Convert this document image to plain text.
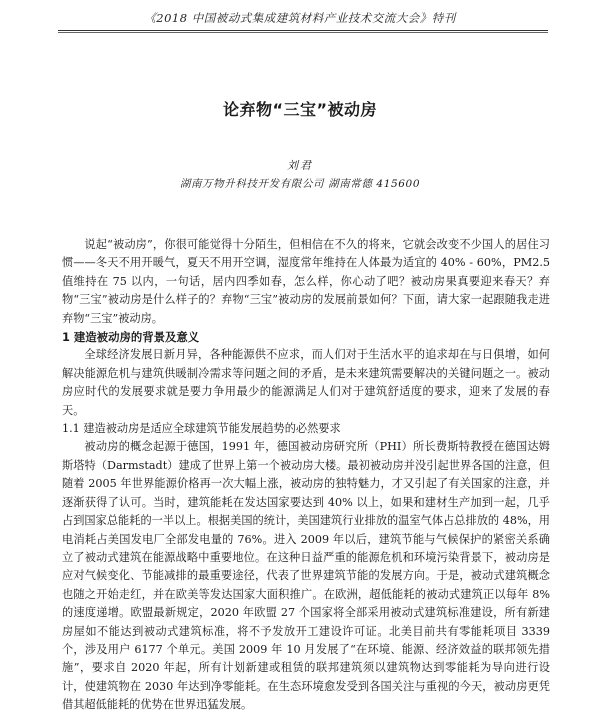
《2018 中国被动式集成建筑材料产业技术交流大会》特刊
论弃物“三宝”被动房
刘君
湖南万物升科技开发有限公司 湖南常德 415600

说起“被动房”，你很可能觉得十分陌生，但相信在不久的将来，它就会改变不少国人的居住习惯——冬天不用开暖气，夏天不用开空调，湿度常年维持在人体最为适宜的 40% - 60%，PM2.5 值维持在 75 以内，一句话，居内四季如春，怎么样，你心动了吧？被动房果真要迎来春天？弃物“三宝”被动房是什么样子的？弃物“三宝”被动房的发展前景如何？下面，请大家一起跟随我走进弃物“三宝”被动房。

1 建造被动房的背景及意义

全球经济发展日新月异，各种能源供不应求，而人们对于生活水平的追求却在与日俱增，如何解决能源危机与建筑供暖制冷需求等问题之间的矛盾，是未来建筑需要解决的关键问题之一。被动房应时代的发展要求就是要力争用最少的能源满足人们对于建筑舒适度的要求，迎来了发展的春天。

1.1 建造被动房是适应全球建筑节能发展趋势的必然要求

被动房的概念起源于德国，1991 年，德国被动房研究所（PHI）所长费斯特教授在德国达姆斯塔特（Darmstadt）建成了世界上第一个被动房大楼。最初被动房并没引起世界各国的注意，但随着 2005 年世界能源价格再一次大幅上涨，被动房的独特魅力，才又引起了有关国家的注意，并逐渐获得了认可。当时，建筑能耗在发达国家要达到 40% 以上，如果和建材生产加到一起，几乎占到国家总能耗的一半以上。根据美国的统计，美国建筑行业排放的温室气体占总排放的 48%，用电消耗占美国发电厂全部发电量的 76%。进入 2009 年以后，建筑节能与气候保护的紧密关系确立了被动式建筑在能源战略中重要地位。在这种日益严重的能源危机和环境污染背景下，被动房是应对气候变化、节能减排的最重要途径，代表了世界建筑节能的发展方向。于是，被动式建筑概念也随之开始走红，并在欧美等发达国家大面积推广。在欧洲，超低能耗的被动式建筑正以每年 8% 的速度递增。欧盟最新规定，2020 年欧盟 27 个国家将全部采用被动式建筑标准建设，所有新建房屋如不能达到被动式建筑标准，将不予发放开工建设许可证。北美目前共有零能耗项目 3339 个，涉及用户 6177 个单元。美国 2009 年 10 月发展了“在环境、能源、经济效益的联邦领先措施”，要求自 2020 年起，所有计划新建或租赁的联邦建筑须以建筑物达到零能耗为导向进行设计，使建筑物在 2030 年达到净零能耗。在生态环境愈发受到各国关注与重视的今天，被动房更凭借其超低能耗的优势在世界迅猛发展。
